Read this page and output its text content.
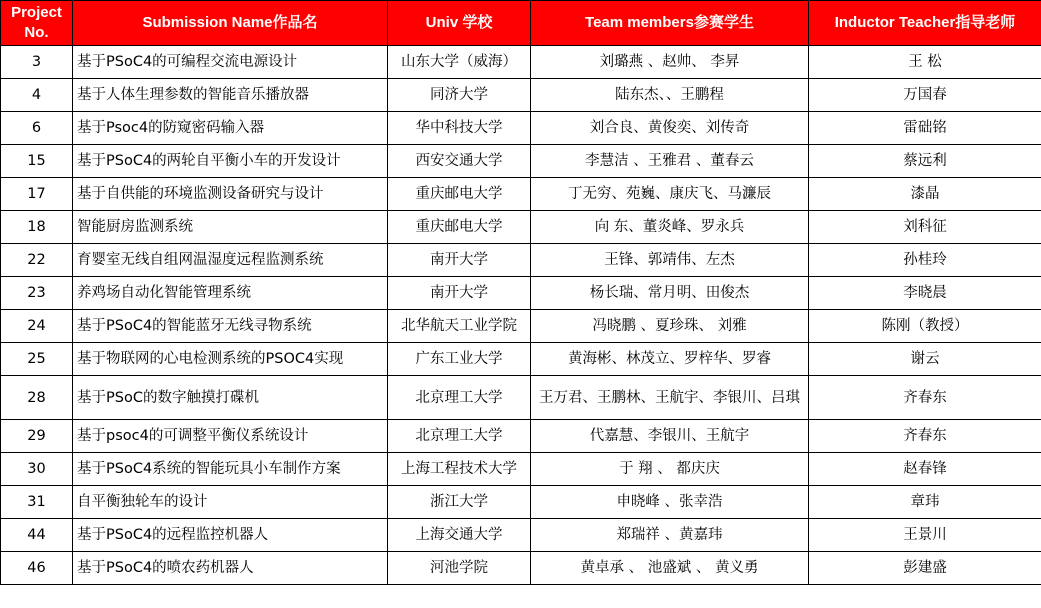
Project No.	Submission Name作品名	Univ 学校	Team members参赛学生	Inductor Teacher指导老师
3	基于PSoC4的可编程交流电源设计	山东大学（威海）	刘璐燕 、赵帅、 李昇	王 松
4	基于人体生理参数的智能音乐播放器	同济大学	陆东杰、、王鹏程	万国春
6	基于Psoc4的防窥密码输入器	华中科技大学	刘合良、黄俊奕、刘传奇	雷础铭
15	基于PSoC4的两轮自平衡小车的开发设计	西安交通大学	李慧洁 、王雅君 、董春云	蔡远利
17	基于自供能的环境监测设备研究与设计	重庆邮电大学	丁无穷、苑巍、康庆飞、马濂辰	漆晶
18	智能厨房监测系统	重庆邮电大学	向 东、董炎峰、罗永兵	刘科征
22	育婴室无线自组网温湿度远程监测系统	南开大学	王锋、郭靖伟、左杰	孙桂玲
23	养鸡场自动化智能管理系统	南开大学	杨长瑞、常月明、田俊杰	李晓晨
24	基于PSoC4的智能蓝牙无线寻物系统	北华航天工业学院	冯晓鹏 、夏珍珠、 刘雅	陈刚（教授）
25	基于物联网的心电检测系统的PSOC4实现	广东工业大学	黄海彬、林茂立、罗梓华、罗睿	谢云
28	基于PSoC的数字触摸打碟机	北京理工大学	王万君、王鹏林、王航宇、李银川、吕琪	齐春东
29	基于psoc4的可调整平衡仪系统设计	北京理工大学	代嘉慧、李银川、王航宇	齐春东
30	基于PSoC4系统的智能玩具小车制作方案	上海工程技术大学	于 翔 、 都庆庆	赵春锋
31	自平衡独轮车的设计	浙江大学	申晓峰 、张幸浩	章玮
44	基于PSoC4的远程监控机器人	上海交通大学	郑瑞祥 、黄嘉玮	王景川
46	基于PSoC4的喷农药机器人	河池学院	黄卓承 、 池盛斌 、 黄义勇	彭建盛
